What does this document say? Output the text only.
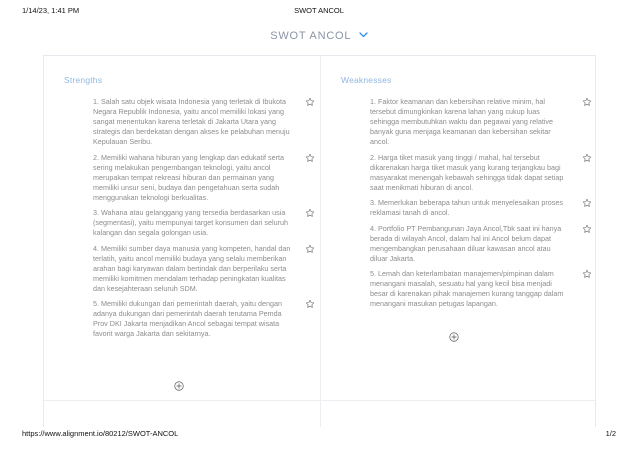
1/14/23, 1:41 PM	SWOT ANCOL
SWOT ANCOL
Strengths
1. Salah satu objek wisata Indonesia yang terletak di Ibukota Negara Republik Indonesia, yaitu ancol memiliki lokasi yang sangat menentukan karena terletak di Jakarta Utara yang strategis dan berdekatan dengan akses ke pelabuhan menuju Kepulauan Seribu.
2. Memiliki wahana hiburan yang lengkap dan edukatif serta sering melakukan pengembangan teknologi, yaitu ancol merupakan tempat rekreasi hiburan dan permainan yang memiliki unsur seni, budaya dan pengetahuan serta sudah menggunakan teknologi berkualitas.
3. Wahana atau gelanggang yang tersedia berdasarkan usia (segmentasi), yaitu mempunyai target konsumen dari seluruh kalangan dan segala golongan usia.
4. Memiliki sumber daya manusia yang kompeten, handal dan terlatih, yaitu ancol memiliki budaya yang selalu memberikan arahan bagi karyawan dalam bertindak dan berperilaku serta memiliki komitmen mendalam terhadap peningkatan kualitas dan kesejahteraan seluruh SDM.
5. Memiliki dukungan dari pemerintah daerah, yaitu dengan adanya dukungan dari pemerintah daerah terutama Pemda Prov DKI Jakarta menjadikan Ancol sebagai tempat wisata favorit warga Jakarta dan sekitarnya.
Weaknesses
1. Faktor keamanan dan kebersihan relative minim, hal tersebut dimungkinkan karena lahan yang cukup luas sehingga membutuhkan waktu dan pegawai yang relative banyak guna menjaga keamanan dan kebersihan sekitar ancol.
2. Harga tiket masuk yang tinggi / mahal, hal tersebut dikarenakan harga tiket masuk yang kurang terjangkau bagi masyarakat menengah kebawah sehingga tidak dapat setiap saat menikmati hiburan di ancol.
3. Memerlukan beberapa tahun untuk menyelesaikan proses reklamasi tanah di ancol.
4. Portfolio PT Pembangunan Jaya Ancol,Tbk saat ini hanya berada di wilayah Ancol, dalam hal ini Ancol belum dapat mengembangkan perusahaan diluar kawasan ancol atau diluar Jakarta.
5. Lemah dan keterlambatan manajemen/pimpinan dalam menangani masalah, sesuatu hal yang kecil bisa menjadi besar di karenakan pihak manajemen kurang tanggap dalam menangani masukan petugas lapangan.
https://www.alignment.io/80212/SWOT-ANCOL	1/2
